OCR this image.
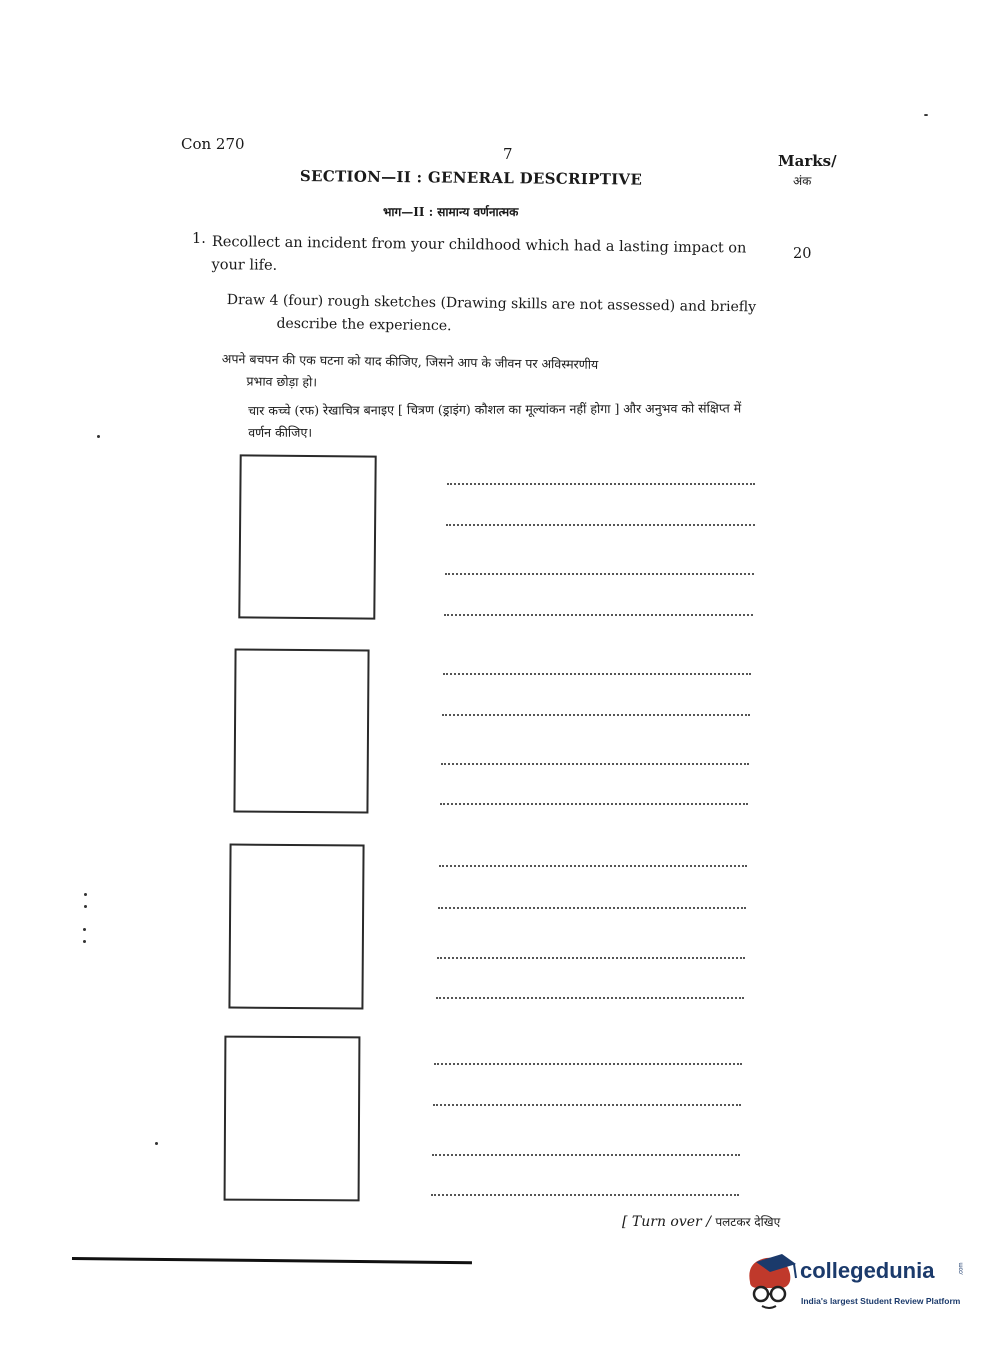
Con 270
7	Marks/
अंक
SECTION—II : GENERAL DESCRIPTIVE
भाग—II : सामान्य वर्णनात्मक
1. Recollect an incident from your childhood which had a lasting impact on your life.
20
Draw 4 (four) rough sketches (Drawing skills are not assessed) and briefly
describe the experience.
अपने बचपन की एक घटना को याद कीजिए, जिसने आप के जीवन पर अविस्मरणीय
प्रभाव छोड़ा हो।
चार कच्चे (रफ) रेखाचित्र बनाइए [ चित्रण (ड्राइंग) कौशल का मूल्यांकन नहीं होगा ] और अनुभव को संक्षिप्त में वर्णन कीजिए।
[ Turn over / पलटकर देखिए
collegedunia	.com
India's largest Student Review Platform
